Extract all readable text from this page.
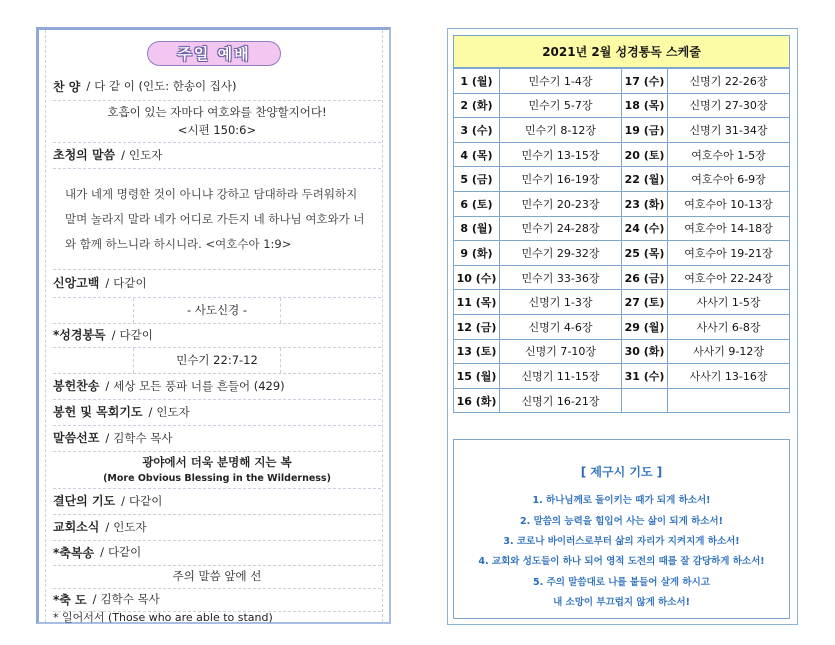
주일 예배
찬 양 / 다 같 이 (인도: 한송이 집사)
호흡이 있는 자마다 여호와를 찬양할지어다!
<시편 150:6>
초청의 말씀 / 인도자
내가 네게 명령한 것이 아니냐 강하고 담대하라 두려워하지
말며 놀라지 말라 네가 어디로 가든지 네 하나님 여호와가 너
와 함께 하느니라 하시니라. <여호수아 1:9>
신앙고백 / 다같이
- 사도신경 -
*성경봉독 / 다같이
민수기 22:7-12
봉헌찬송 / 세상 모든 풍파 너를 흔들어 (429)
봉헌 및 목회기도 / 인도자
말씀선포 / 김학수 목사
광야에서 더욱 분명해 지는 복
(More Obvious Blessing in the Wilderness)
결단의 기도 / 다같이
교회소식 / 인도자
*축복송 / 다같이
주의 말씀 앞에 선
*축 도 / 김학수 목사
* 일어서서 (Those who are able to stand)
2021년 2월 성경통독 스케줄
1 (월)	민수기 1-4장	17 (수)	신명기 22-26장
2 (화)	민수기 5-7장	18 (목)	신명기 27-30장
3 (수)	민수기 8-12장	19 (금)	신명기 31-34장
4 (목)	민수기 13-15장	20 (토)	여호수아 1-5장
5 (금)	민수기 16-19장	22 (월)	여호수아 6-9장
6 (토)	민수기 20-23장	23 (화)	여호수아 10-13장
8 (월)	민수기 24-28장	24 (수)	여호수아 14-18장
9 (화)	민수기 29-32장	25 (목)	여호수아 19-21장
10 (수)	민수기 33-36장	26 (금)	여호수아 22-24장
11 (목)	신명기 1-3장	27 (토)	사사기 1-5장
12 (금)	신명기 4-6장	29 (월)	사사기 6-8장
13 (토)	신명기 7-10장	30 (화)	사사기 9-12장
15 (월)	신명기 11-15장	31 (수)	사사기 13-16장
16 (화)	신명기 16-21장		
[ 제구시 기도 ]
1. 하나님께로 돌이키는 때가 되게 하소서!
2. 말씀의 능력을 힘입어 사는 삶이 되게 하소서!
3. 코로나 바이러스로부터 삶의 자리가 지켜지게 하소서!
4. 교회와 성도들이 하나 되어 영적 도전의 때를 잘 감당하게 하소서!
5. 주의 말씀대로 나를 붙들어 살게 하시고
내 소망이 부끄럽지 않게 하소서!
